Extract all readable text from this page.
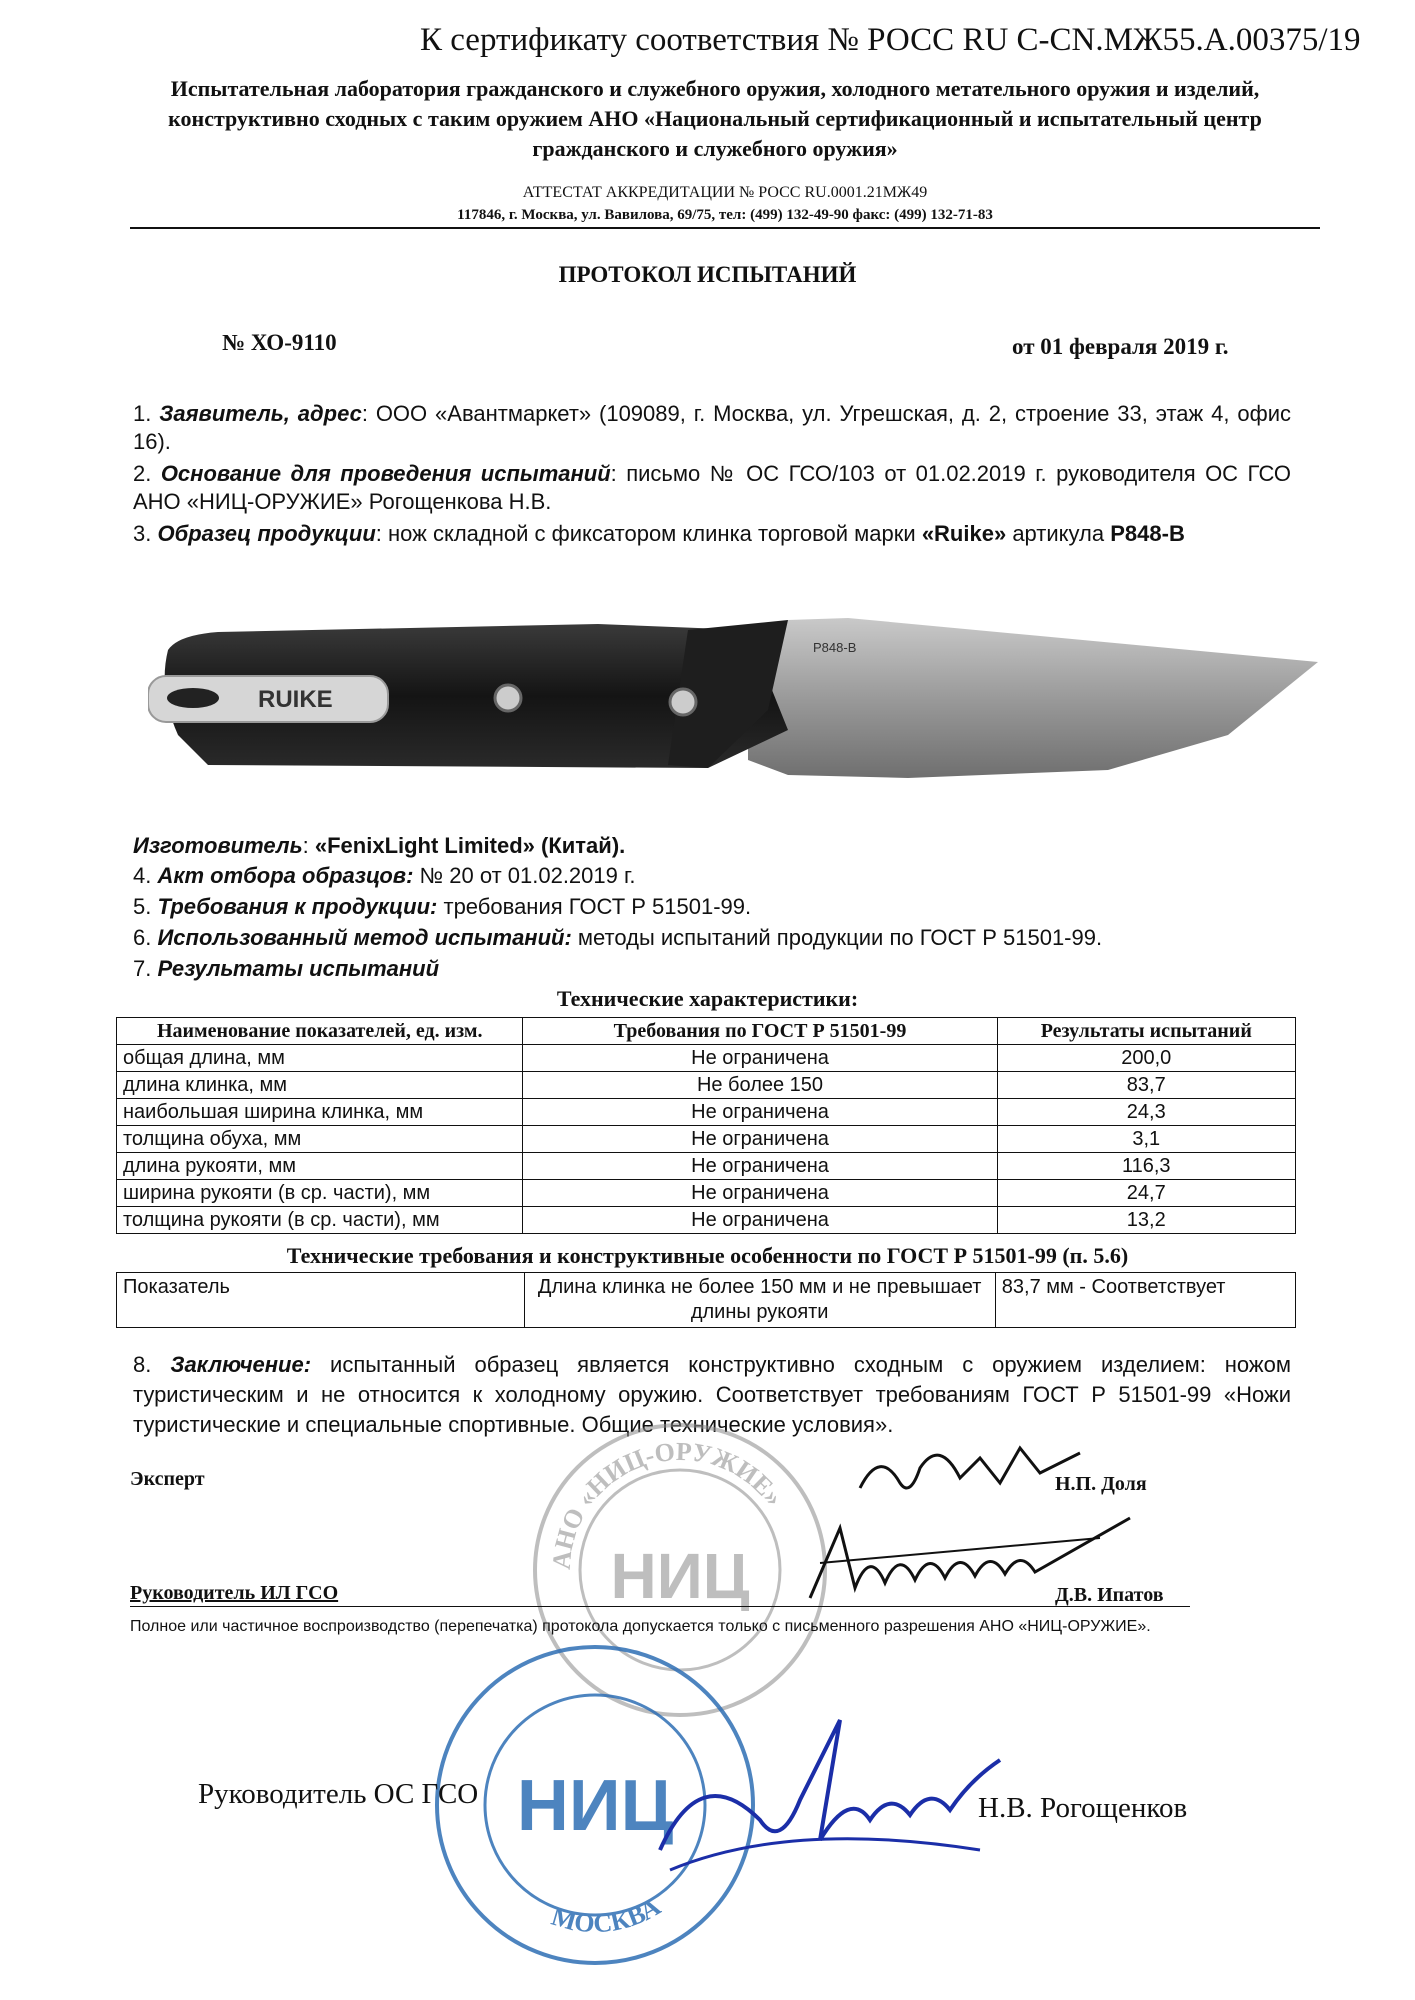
К сертификату соответствия № РОСС RU C-CN.МЖ55.А.00375/19
Испытательная лаборатория гражданского и служебного оружия, холодного метательного оружия и изделий, конструктивно сходных с таким оружием АНО «Национальный сертификационный и испытательный центр гражданского и служебного оружия»
АТТЕСТАТ АККРЕДИТАЦИИ № РОСС RU.0001.21МЖ49
117846, г. Москва, ул. Вавилова, 69/75, тел: (499) 132-49-90 факс: (499) 132-71-83
ПРОТОКОЛ ИСПЫТАНИЙ
№ ХО-9110	от 01 февраля 2019 г.
1. Заявитель, адрес: ООО «Авантмаркет» (109089, г. Москва, ул. Угрешская, д. 2, строение 33, этаж 4, офис 16).
2. Основание для проведения испытаний: письмо № ОС ГСО/103 от 01.02.2019 г. руководителя ОС ГСО АНО «НИЦ-ОРУЖИЕ» Рогощенкова Н.В.
3. Образец продукции: нож складной с фиксатором клинка торговой марки «Ruike» артикула P848-B
RUIKE
P848-B
Изготовитель: «FenixLight Limited» (Китай).
4. Акт отбора образцов: № 20 от 01.02.2019 г.
5. Требования к продукции: требования ГОСТ Р 51501-99.
6. Использованный метод испытаний: методы испытаний продукции по ГОСТ Р 51501-99.
7. Результаты испытаний
Технические характеристики:
Наименование показателей, ед. изм.	Требования по ГОСТ Р 51501-99	Результаты испытаний
общая длина, мм	Не ограничена	200,0
длина клинка, мм	Не более 150	83,7
наибольшая ширина клинка, мм	Не ограничена	24,3
толщина обуха, мм	Не ограничена	3,1
длина рукояти, мм	Не ограничена	116,3
ширина рукояти (в ср. части), мм	Не ограничена	24,7
толщина рукояти (в ср. части), мм	Не ограничена	13,2
Технические требования и конструктивные особенности по ГОСТ Р 51501-99 (п. 5.6)
Показатель	Длина клинка не более 150 мм и не превышает длины рукояти	83,7 мм - Соответствует
8. Заключение: испытанный образец является конструктивно сходным с оружием изделием: ножом туристическим и не относится к холодному оружию. Соответствует требованиям ГОСТ Р 51501-99 «Ножи туристические и специальные спортивные. Общие технические условия».
АНО «НИЦ-ОРУЖИЕ»
НИЦ
МОСКВА
НИЦ
Эксперт	Н.П. Доля
Руководитель ИЛ ГСО	Д.В. Ипатов
Полное или частичное воспроизводство (перепечатка) протокола допускается только с письменного разрешения АНО «НИЦ-ОРУЖИЕ».
Руководитель ОС ГСО	Н.В. Рогощенков
